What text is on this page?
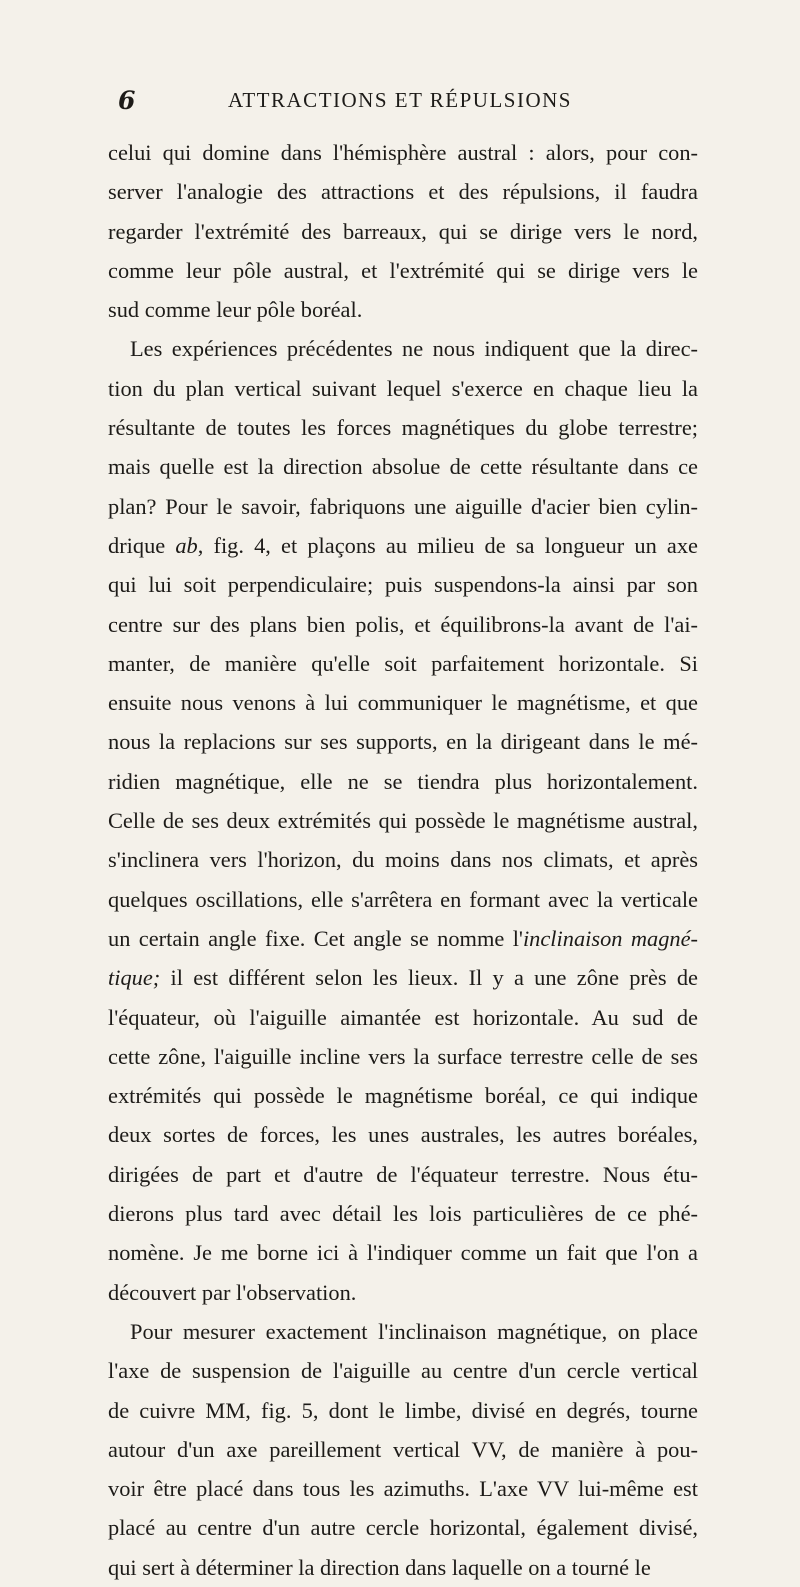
6	ATTRACTIONS ET RÉPULSIONS
celui qui domine dans l'hémisphère austral : alors, pour con-
server l'analogie des attractions et des répulsions, il faudra
regarder l'extrémité des barreaux, qui se dirige vers le nord,
comme leur pôle austral, et l'extrémité qui se dirige vers le
sud comme leur pôle boréal.
Les expériences précédentes ne nous indiquent que la direc-
tion du plan vertical suivant lequel s'exerce en chaque lieu la
résultante de toutes les forces magnétiques du globe terrestre;
mais quelle est la direction absolue de cette résultante dans ce
plan? Pour le savoir, fabriquons une aiguille d'acier bien cylin-
drique ab, fig. 4, et plaçons au milieu de sa longueur un axe
qui lui soit perpendiculaire; puis suspendons-la ainsi par son
centre sur des plans bien polis, et équilibrons-la avant de l'ai-
manter, de manière qu'elle soit parfaitement horizontale. Si
ensuite nous venons à lui communiquer le magnétisme, et que
nous la replacions sur ses supports, en la dirigeant dans le mé-
ridien magnétique, elle ne se tiendra plus horizontalement.
Celle de ses deux extrémités qui possède le magnétisme austral,
s'inclinera vers l'horizon, du moins dans nos climats, et après
quelques oscillations, elle s'arrêtera en formant avec la verticale
un certain angle fixe. Cet angle se nomme l'inclinaison magné-
tique; il est différent selon les lieux. Il y a une zône près de
l'équateur, où l'aiguille aimantée est horizontale. Au sud de
cette zône, l'aiguille incline vers la surface terrestre celle de ses
extrémités qui possède le magnétisme boréal, ce qui indique
deux sortes de forces, les unes australes, les autres boréales,
dirigées de part et d'autre de l'équateur terrestre. Nous étu-
dierons plus tard avec détail les lois particulières de ce phé-
nomène. Je me borne ici à l'indiquer comme un fait que l'on a
découvert par l'observation.
Pour mesurer exactement l'inclinaison magnétique, on place
l'axe de suspension de l'aiguille au centre d'un cercle vertical
de cuivre MM, fig. 5, dont le limbe, divisé en degrés, tourne
autour d'un axe pareillement vertical VV, de manière à pou-
voir être placé dans tous les azimuths. L'axe VV lui-même est
placé au centre d'un autre cercle horizontal, également divisé,
qui sert à déterminer la direction dans laquelle on a tourné le
